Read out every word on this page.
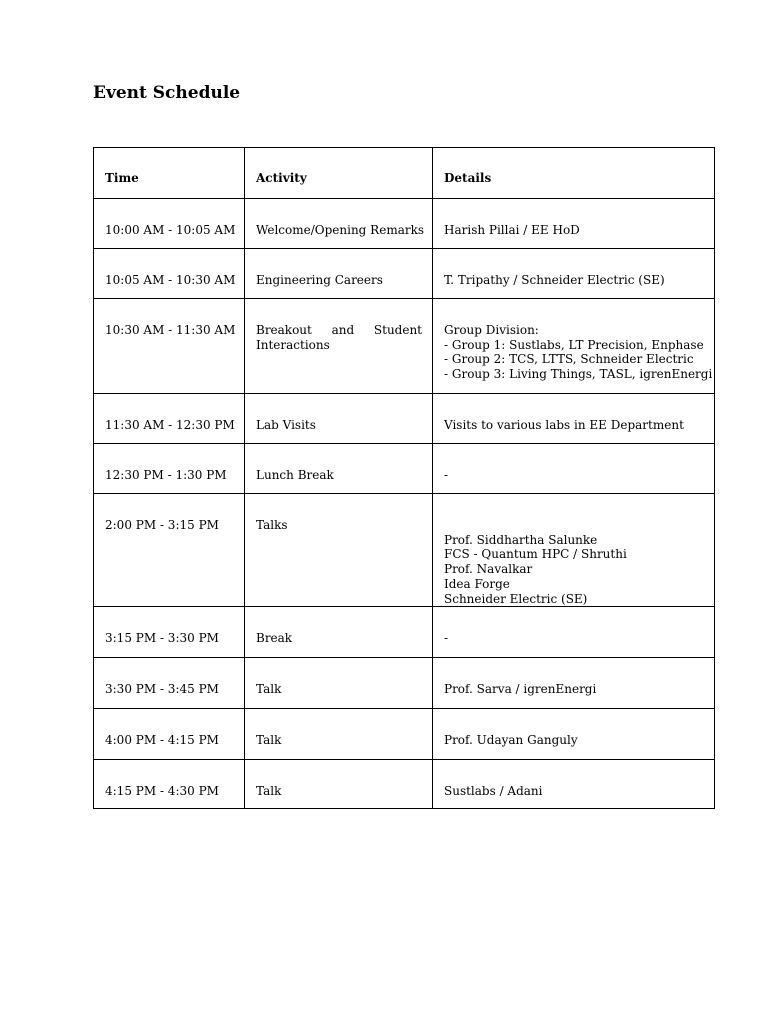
Event Schedule
Time	Activity	Details
10:00 AM - 10:05 AM	Welcome/Opening Remarks	Harish Pillai / EE HoD

10:05 AM - 10:30 AM	Engineering Careers	T. Tripathy / Schneider Electric (SE)

10:30 AM - 11:30 AM	Breakout and Student Interactions	Group Division:
- Group 1: Sustlabs, LT Precision, Enphase
- Group 2: TCS, LTTS, Schneider Electric
- Group 3: Living Things, TASL, igrenEnergi

11:30 AM - 12:30 PM	Lab Visits	Visits to various labs in EE Department

12:30 PM - 1:30 PM	Lunch Break	-

2:00 PM - 3:15 PM	Talks	Prof. Siddhartha Salunke
FCS - Quantum HPC / Shruthi
Prof. Navalkar
Idea Forge
Schneider Electric (SE)

3:15 PM - 3:30 PM	Break	-

3:30 PM - 3:45 PM	Talk	Prof. Sarva / igrenEnergi

4:00 PM - 4:15 PM	Talk	Prof. Udayan Ganguly

4:15 PM - 4:30 PM	Talk	Sustlabs / Adani
